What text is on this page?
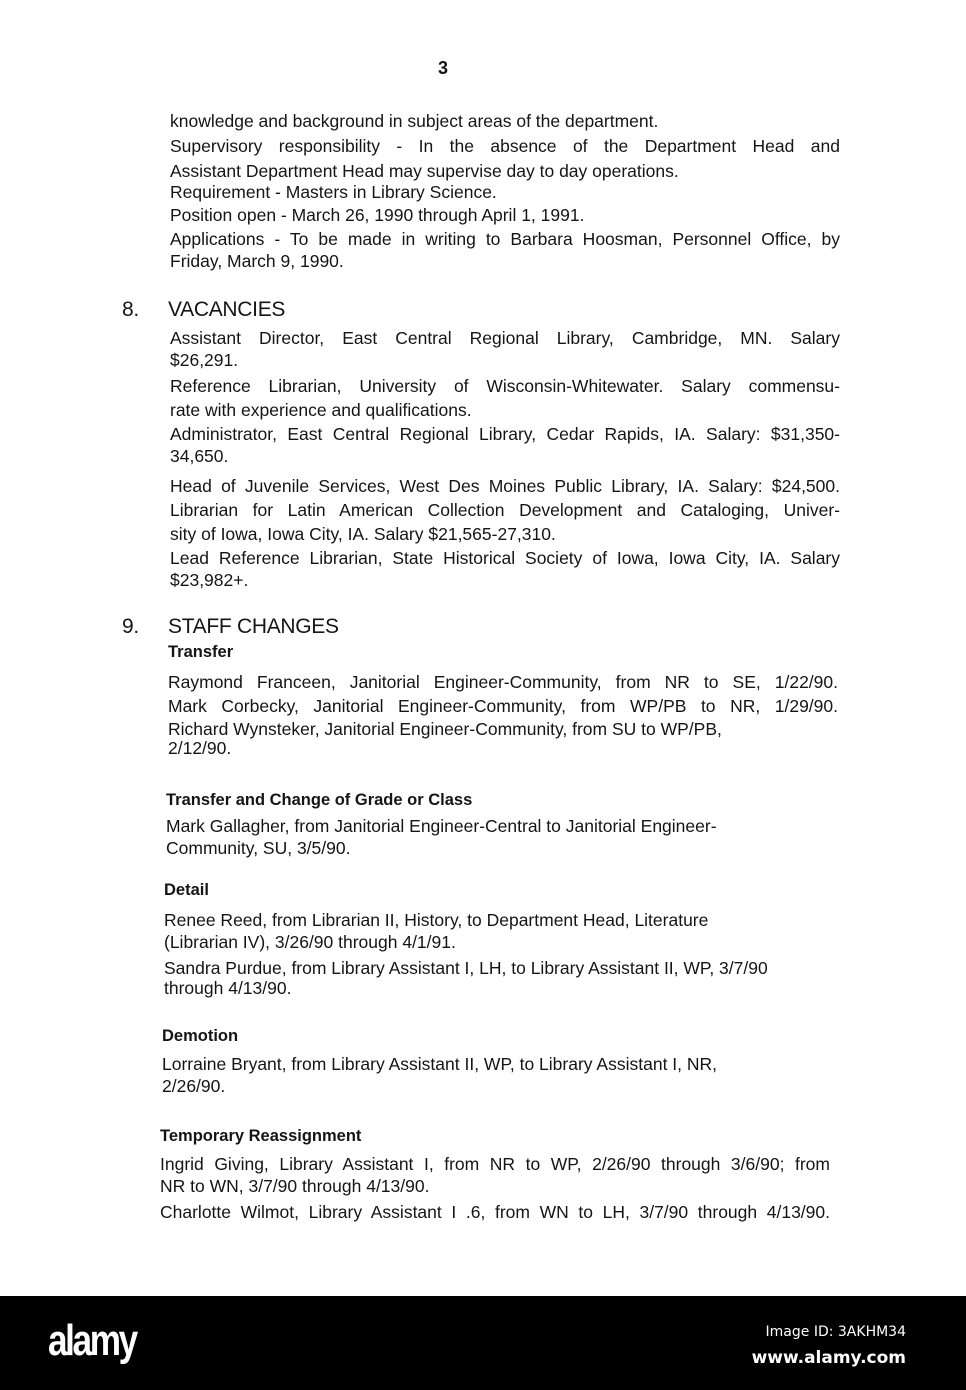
3
knowledge and background in subject areas of the department.
Supervisory responsibility - In the absence of the Department Head and
Assistant Department Head may supervise day to day operations.
Requirement - Masters in Library Science.
Position open - March 26, 1990 through April 1, 1991.
Applications - To be made in writing to Barbara Hoosman, Personnel Office, by
Friday, March 9, 1990.
8. VACANCIES
Assistant Director, East Central Regional Library, Cambridge, MN. Salary
$26,291.
Reference Librarian, University of Wisconsin-Whitewater. Salary commensu-
rate with experience and qualifications.
Administrator, East Central Regional Library, Cedar Rapids, IA. Salary: $31,350-
34,650.
Head of Juvenile Services, West Des Moines Public Library, IA. Salary: $24,500.
Librarian for Latin American Collection Development and Cataloging, Univer-
sity of Iowa, Iowa City, IA. Salary $21,565-27,310.
Lead Reference Librarian, State Historical Society of Iowa, Iowa City, IA. Salary
$23,982+.
9. STAFF CHANGES
Transfer
Raymond Franceen, Janitorial Engineer-Community, from NR to SE, 1/22/90.
Mark Corbecky, Janitorial Engineer-Community, from WP/PB to NR, 1/29/90.
Richard Wynsteker, Janitorial Engineer-Community, from SU to WP/PB,
2/12/90.
Transfer and Change of Grade or Class
Mark Gallagher, from Janitorial Engineer-Central to Janitorial Engineer-
Community, SU, 3/5/90.
Detail
Renee Reed, from Librarian II, History, to Department Head, Literature
(Librarian IV), 3/26/90 through 4/1/91.
Sandra Purdue, from Library Assistant I, LH, to Library Assistant II, WP, 3/7/90
through 4/13/90.
Demotion
Lorraine Bryant, from Library Assistant II, WP, to Library Assistant I, NR,
2/26/90.
Temporary Reassignment
Ingrid Giving, Library Assistant I, from NR to WP, 2/26/90 through 3/6/90; from
NR to WN, 3/7/90 through 4/13/90.
Charlotte Wilmot, Library Assistant I .6, from WN to LH, 3/7/90 through 4/13/90.
alamy	Image ID: 3AKHM34
www.alamy.com
